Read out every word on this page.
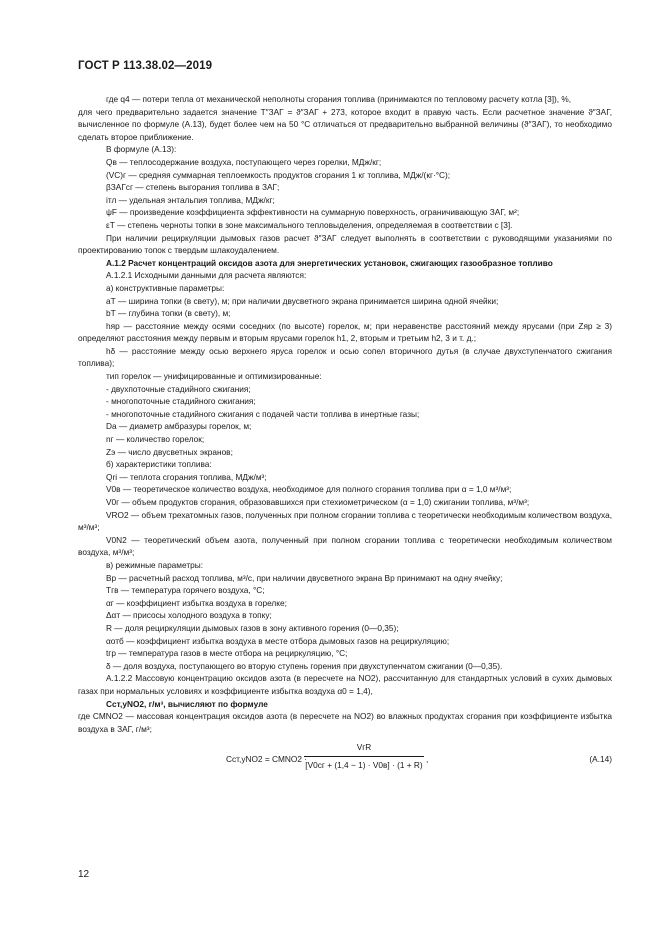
ГОСТ Р 113.38.02—2019

где q4 — потери тепла от механической неполноты сгорания топлива (принимаются по тепловому расчету котла [3]), %,

для чего предварительно задается значение T″ЗАГ = ϑ″ЗАГ + 273, которое входит в правую часть. Если расчетное значение ϑ″ЗАГ, вычисленное по формуле (А.13), будет более чем на 50 °С отличаться от предварительно выбранной величины (ϑ″ЗАГ), то необходимо сделать второе приближение.

В формуле (А.13):

Qв — теплосодержание воздуха, поступающего через горелки, МДж/кг;

(VC)г — средняя суммарная теплоемкость продуктов сгорания 1 кг топлива, МДж/(кг·°С);

βЗАГсг — степень выгорания топлива в ЗАГ;

iтл — удельная энтальпия топлива, МДж/кг;

ψF — произведение коэффициента эффективности на суммарную поверхность, ограничивающую ЗАГ, м²;

εТ — степень черноты топки в зоне максимального тепловыделения, определяемая в соответствии с [3].

При наличии рециркуляции дымовых газов расчет ϑ″ЗАГ следует выполнять в соответствии с руководящими указаниями по проектированию топок с твердым шлакоудалением.

А.1.2 Расчет концентраций оксидов азота для энергетических установок, сжигающих газообразное топливо

А.1.2.1 Исходными данными для расчета являются:

а) конструктивные параметры:

aТ — ширина топки (в свету), м; при наличии двусветного экрана принимается ширина одной ячейки;

bТ — глубина топки (в свету), м;

hяр — расстояние между осями соседних (по высоте) горелок, м; при неравенстве расстояний между ярусами (при Zяр ≥ 3) определяют расстояния между первым и вторым ярусами горелок h1, 2, вторым и третьим h2, 3 и т. д.;

hδ — расстояние между осью верхнего яруса горелок и осью сопел вторичного дутья (в случае двухступенчатого сжигания топлива);

тип горелок — унифицированные и оптимизированные:

- двухпоточные стадийного сжигания;

- многопоточные стадийного сжигания;

- многопоточные стадийного сжигания с подачей части топлива в инертные газы;

Dа — диаметр амбразуры горелок, м;

nг — количество горелок;

Zэ — число двусветных экранов;

б) характеристики топлива:

Qrі — теплота сгорания топлива, МДж/м³;

V0в — теоретическое количество воздуха, необходимое для полного сгорания топлива при α = 1,0 м³/м³;

V0г — объем продуктов сгорания, образовавшихся при стехиометрическом (α = 1,0) сжигании топлива, м³/м³;

VRO2 — объем трехатомных газов, полученных при полном сгорании топлива с теоретически необходимым количеством воздуха, м³/м³;

V0N2 — теоретический объем азота, полученный при полном сгорании топлива с теоретически необходимым количеством воздуха, м³/м³;

в) режимные параметры:

Bр — расчетный расход топлива, м³/с, при наличии двусветного экрана Bр принимают на одну ячейку;

Tгв — температура горячего воздуха, °С;

αг — коэффициент избытка воздуха в горелке;

Δαт — присосы холодного воздуха в топку;

R — доля рециркуляции дымовых газов в зону активного горения (0—0,35);

αотб — коэффициент избытка воздуха в месте отбора дымовых газов на рециркуляцию;

tгр — температура газов в месте отбора на рециркуляцию, °С;

δ — доля воздуха, поступающего во вторую ступень горения при двухступенчатом сжигании (0—0,35).

А.1.2.2 Массовую концентрацию оксидов азота (в пересчете на NO2), рассчитанную для стандартных условий в сухих дымовых газах при нормальных условиях и коэффициенте избытка воздуха α0 = 1,4),

Cст,уNO2, г/м³, вычисляют по формуле

где CМNO2 — массовая концентрация оксидов азота (в пересчете на NO2) во влажных продуктах сгорания при коэффициенте избытка воздуха в ЗАГ, г/м³;

Cст,уNO2 = CМNO2 ·
VгR
[V0сг + (1,4 − 1) · V0в] · (1 + R)
,	(А.14)

12
